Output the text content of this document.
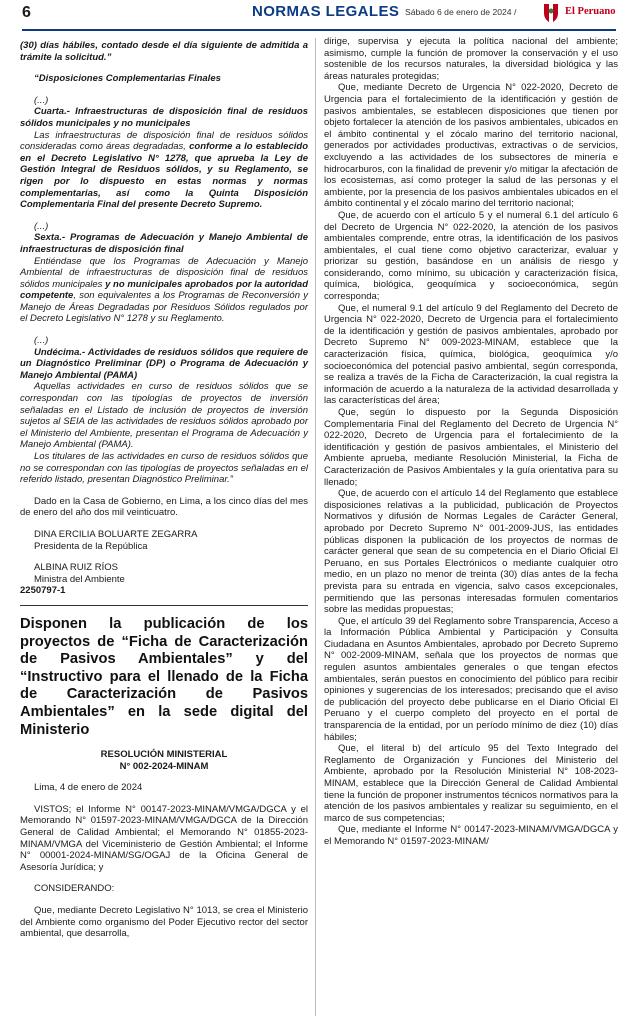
6	NORMAS LEGALES Sábado 6 de enero de 2024 /	El Peruano

(30) días hábiles, contado desde el día siguiente de admitida a trámite la solicitud.”

“Disposiciones Complementarias Finales

(...)

Cuarta.- Infraestructuras de disposición final de residuos sólidos municipales y no municipales

Las infraestructuras de disposición final de residuos sólidos consideradas como áreas degradadas, conforme a lo establecido en el Decreto Legislativo N° 1278, que aprueba la Ley de Gestión Integral de Residuos sólidos, y su Reglamento, se rigen por lo dispuesto en estas normas y normas complementarias, así como la Quinta Disposición Complementaria Final del presente Decreto Supremo.

(...)

Sexta.- Programas de Adecuación y Manejo Ambiental de infraestructuras de disposición final

Entiéndase que los Programas de Adecuación y Manejo Ambiental de infraestructuras de disposición final de residuos sólidos municipales y no municipales aprobados por la autoridad competente, son equivalentes a los Programas de Reconversión y Manejo de Áreas Degradadas por Residuos Sólidos regulados por el Decreto Legislativo N° 1278 y su Reglamento.

(...)

Undécima.- Actividades de residuos sólidos que requiere de un Diagnóstico Preliminar (DP) o Programa de Adecuación y Manejo Ambiental (PAMA)

Aquellas actividades en curso de residuos sólidos que se correspondan con las tipologías de proyectos de inversión señaladas en el Listado de inclusión de proyectos de inversión sujetos al SEIA de las actividades de residuos sólidos aprobado por el Ministerio del Ambiente, presentan el Programa de Adecuación y Manejo Ambiental (PAMA).

Los titulares de las actividades en curso de residuos sólidos que no se correspondan con las tipologías de proyectos señaladas en el referido listado, presentan Diagnóstico Preliminar.”

Dado en la Casa de Gobierno, en Lima, a los cinco días del mes de enero del año dos mil veinticuatro.

DINA ERCILIA BOLUARTE ZEGARRA

Presidenta de la República

ALBINA RUIZ RÍOS

Ministra del Ambiente

2250797-1

Disponen la publicación de los proyectos de “Ficha de Caracterización de Pasivos Ambientales” y del “Instructivo para el llenado de la Ficha de Caracterización de Pasivos Ambientales” en la sede digital del Ministerio

RESOLUCIÓN MINISTERIAL

N° 002-2024-MINAM

Lima, 4 de enero de 2024

VISTOS; el Informe N° 00147-2023-MINAM/VMGA/DGCA y el Memorando N° 01597-2023-MINAM/VMGA/DGCA de la Dirección General de Calidad Ambiental; el Memorando N° 01855-2023-MINAM/VMGA del Viceministerio de Gestión Ambiental; el Informe N° 00001-2024-MINAM/SG/OGAJ de la Oficina General de Asesoría Jurídica; y

CONSIDERANDO:

Que, mediante Decreto Legislativo N° 1013, se crea el Ministerio del Ambiente como organismo del Poder Ejecutivo rector del sector ambiental, que desarrolla,

dirige, supervisa y ejecuta la política nacional del ambiente; asimismo, cumple la función de promover la conservación y el uso sostenible de los recursos naturales, la diversidad biológica y las áreas naturales protegidas;

Que, mediante Decreto de Urgencia N° 022-2020, Decreto de Urgencia para el fortalecimiento de la identificación y gestión de pasivos ambientales, se establecen disposiciones que tienen por objeto fortalecer la atención de los pasivos ambientales, ubicados en el ámbito continental y el zócalo marino del territorio nacional, generados por actividades productivas, extractivas o de servicios, excluyendo a las actividades de los subsectores de minería e hidrocarburos, con la finalidad de prevenir y/o mitigar la afectación de los ecosistemas, así como proteger la salud de las personas y el ambiente, por la presencia de los pasivos ambientales ubicados en el ámbito continental y el zócalo marino del territorio nacional;

Que, de acuerdo con el artículo 5 y el numeral 6.1 del artículo 6 del Decreto de Urgencia N° 022-2020, la atención de los pasivos ambientales comprende, entre otras, la identificación de los pasivos ambientales, el cual tiene como objetivo caracterizar, evaluar y priorizar su gestión, basándose en un análisis de riesgo y considerando, como mínimo, su ubicación y caracterización física, química, biológica, geoquímica y socioeconómica, según corresponda;

Que, el numeral 9.1 del artículo 9 del Reglamento del Decreto de Urgencia N° 022-2020, Decreto de Urgencia para el fortalecimiento de la identificación y gestión de pasivos ambientales, aprobado por Decreto Supremo N° 009-2023-MINAM, establece que la caracterización física, química, biológica, geoquímica y/o socioeconómica del potencial pasivo ambiental, según corresponda, se realiza a través de la Ficha de Caracterización, la cual registra la información de acuerdo a la naturaleza de la actividad desarrollada y las características del área;

Que, según lo dispuesto por la Segunda Disposición Complementaria Final del Reglamento del Decreto de Urgencia N° 022-2020, Decreto de Urgencia para el fortalecimiento de la identificación y gestión de pasivos ambientales, el Ministerio del Ambiente aprueba, mediante Resolución Ministerial, la Ficha de Caracterización de Pasivos Ambientales y la guía orientativa para su llenado;

Que, de acuerdo con el artículo 14 del Reglamento que establece disposiciones relativas a la publicidad, publicación de Proyectos Normativos y difusión de Normas Legales de Carácter General, aprobado por Decreto Supremo N° 001-2009-JUS, las entidades públicas disponen la publicación de los proyectos de normas de carácter general que sean de su competencia en el Diario Oficial El Peruano, en sus Portales Electrónicos o mediante cualquier otro medio, en un plazo no menor de treinta (30) días antes de la fecha prevista para su entrada en vigencia, salvo casos excepcionales, permitiendo que las personas interesadas formulen comentarios sobre las medidas propuestas;

Que, el artículo 39 del Reglamento sobre Transparencia, Acceso a la Información Pública Ambiental y Participación y Consulta Ciudadana en Asuntos Ambientales, aprobado por Decreto Supremo N° 002-2009-MINAM, señala que los proyectos de normas que regulen asuntos ambientales generales o que tengan efectos ambientales, serán puestos en conocimiento del público para recibir opiniones y sugerencias de los interesados; precisando que el aviso de publicación del proyecto debe publicarse en el Diario Oficial El Peruano y el cuerpo completo del proyecto en el portal de transparencia de la entidad, por un período mínimo de diez (10) días hábiles;

Que, el literal b) del artículo 95 del Texto Integrado del Reglamento de Organización y Funciones del Ministerio del Ambiente, aprobado por la Resolución Ministerial N° 108-2023-MINAM, establece que la Dirección General de Calidad Ambiental tiene la función de proponer instrumentos técnicos normativos para la atención de los pasivos ambientales y realizar su seguimiento, en el marco de sus competencias;

Que, mediante el Informe N° 00147-2023-MINAM/VMGA/DGCA y el Memorando N° 01597-2023-MINAM/
